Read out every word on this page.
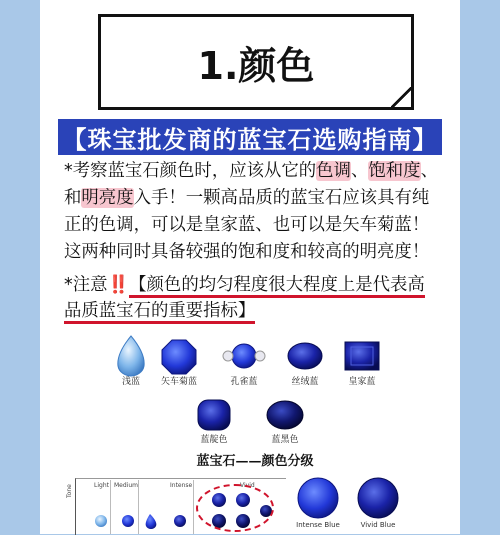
1.颜色
【珠宝批发商的蓝宝石选购指南】
*考察蓝宝石颜色时，应该从它的色调、饱和度、
和明亮度入手！一颗高品质的蓝宝石应该具有纯
正的色调，可以是皇家蓝、也可以是矢车菊蓝！
这两种同时具备较强的饱和度和较高的明亮度！
*注意‼️【颜色的均匀程度很大程度上是代表高
品质蓝宝石的重要指标】
浅蓝	矢车菊蓝	孔雀蓝	丝绒蓝	皇家蓝
蓝靛色	蓝黑色
蓝宝石——颜色分级
Tone	Light Medium	Intense	Vivid
Intense Blue	Vivid Blue
